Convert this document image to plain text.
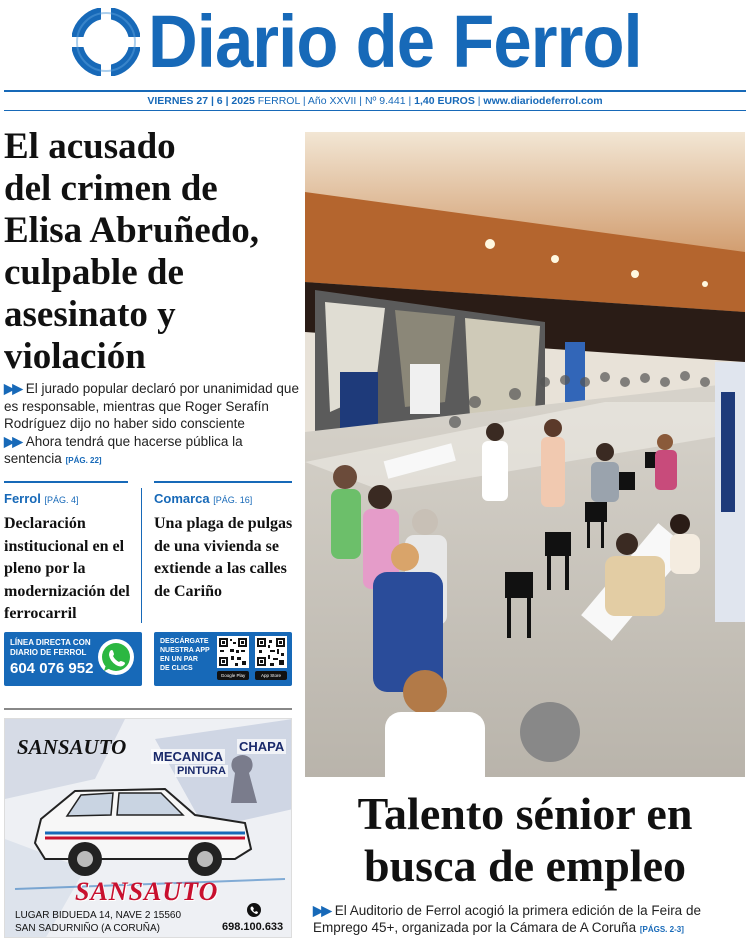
Diario de Ferrol
VIERNES 27 | 6 | 2025 FERROL | Año XXVII | Nº 9.441 | 1,40 EUROS | www.diariodeferrol.com
El acusado
del crimen de
Elisa Abruñedo,
culpable de
asesinato y
violación
▶▶ El jurado popular declaró por unanimidad que es responsable, mientras que Roger Serafín Rodríguez dijo no haber sido consciente ▶▶ Ahora tendrá que hacerse pública la sentencia [PÁG. 22]
Ferrol [PÁG. 4]
Declaración institucional en el pleno por la modernización del ferrocarril
Comarca [PÁG. 16]
Una plaga de pulgas de una vivienda se extiende a las calles de Cariño
LÍNEA DIRECTA CON
DIARIO DE FERROL
604 076 952
DESCÁRGATE
NUESTRA APP
EN UN PAR
DE CLICS
Google Play	App Store
SANSAUTO MECANICA
CHAPA
PINTURA
SANSAUTO
LUGAR BIDUEDA 14, NAVE 2 15560
SAN SADURNIÑO (A CORUÑA)	698.100.633
Talento sénior en
busca de empleo
▶▶ El Auditorio de Ferrol acogió la primera edición de la Feira de Emprego 45+, organizada por la Cámara de A Coruña [PÁGS. 2-3]
